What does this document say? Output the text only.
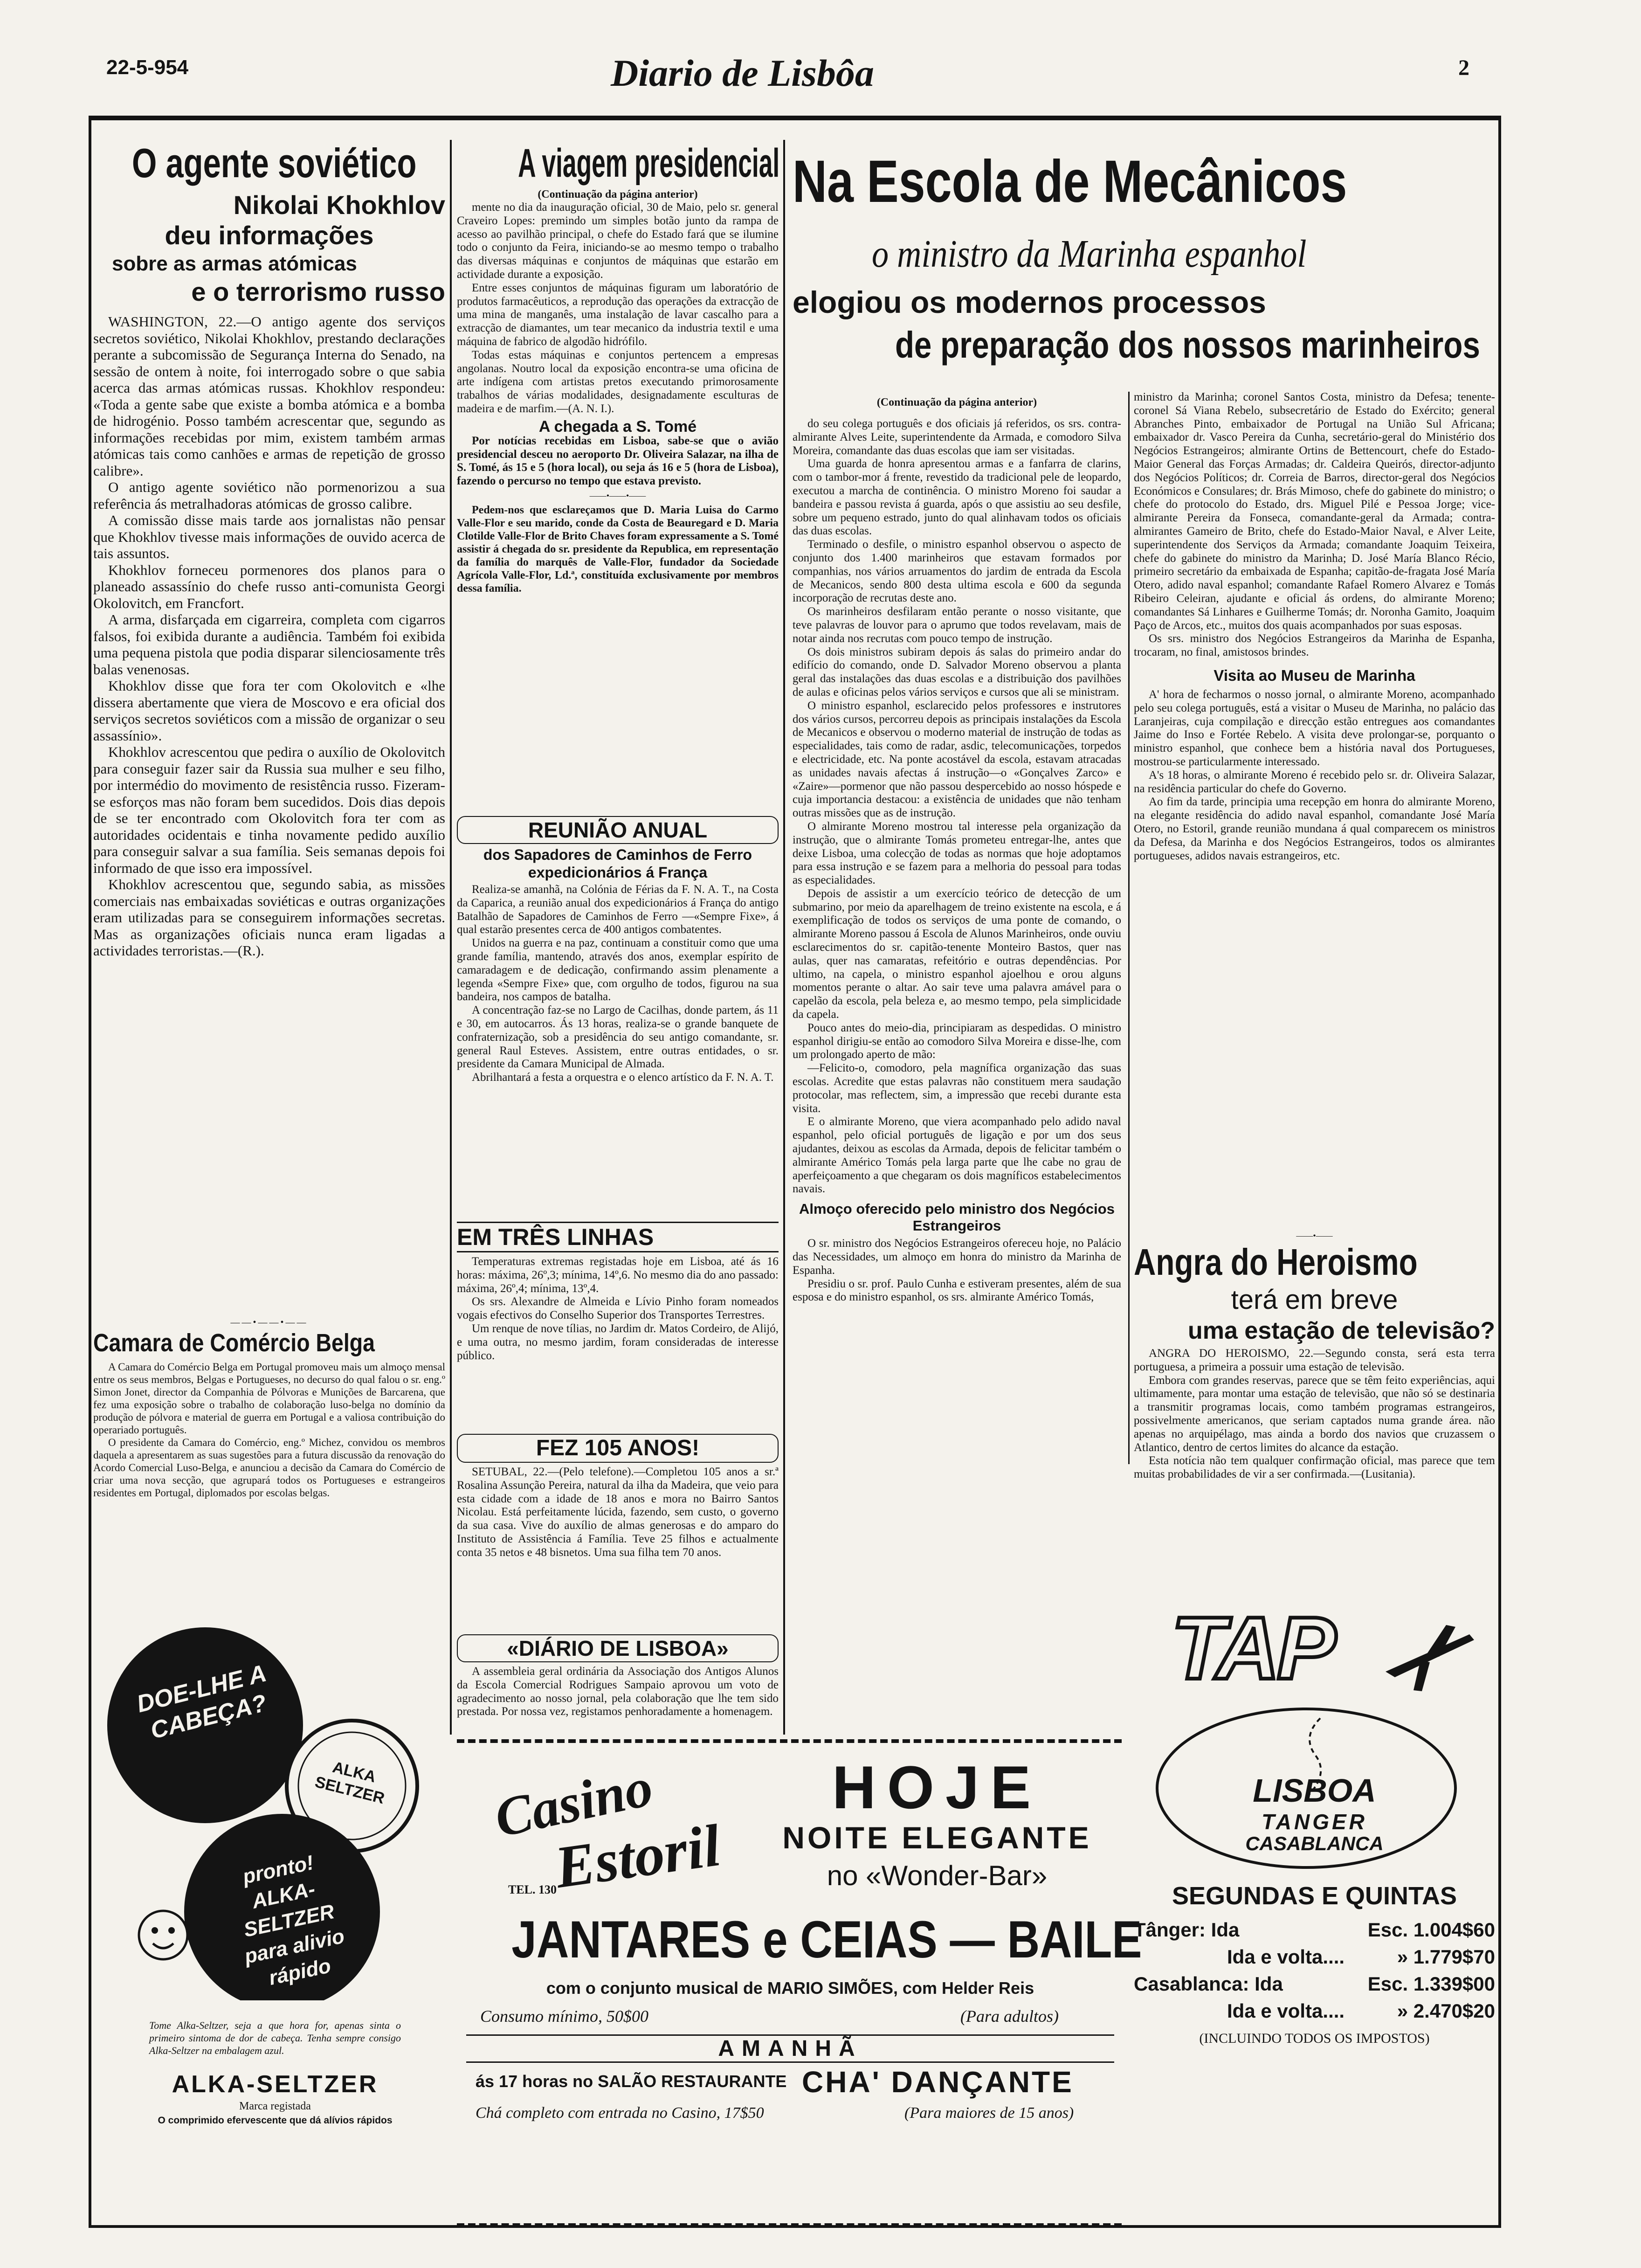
22-5-954	Diario de Lisbôa	2
O agente soviético
Nikolai Khokhlov
deu informações
sobre as armas atómicas
e o terrorismo russo

WASHINGTON, 22.—O antigo agente dos serviços secretos soviético, Nikolai Khokhlov, prestando declarações perante a subcomissão de Segurança Interna do Senado, na sessão de ontem à noite, foi interrogado sobre o que sabia acerca das armas atómicas russas. Khokhlov respondeu: «Toda a gente sabe que existe a bomba atómica e a bomba de hidrogénio. Posso também acrescentar que, segundo as informações recebidas por mim, existem também armas atómicas tais como canhões e armas de repetição de grosso calibre».

O antigo agente soviético não pormenorizou a sua referência ás metralhadoras atómicas de grosso calibre.

A comissão disse mais tarde aos jornalistas não pensar que Khokhlov tivesse mais informações de ouvido acerca de tais assuntos.

Khokhlov forneceu pormenores dos planos para o planeado assassínio do chefe russo anti-comunista Georgi Okolovitch, em Francfort.

A arma, disfarçada em cigarreira, completa com cigarros falsos, foi exibida durante a audiência. Também foi exibida uma pequena pistola que podia disparar silenciosamente três balas venenosas.

Khokhlov disse que fora ter com Okolovitch e «lhe dissera abertamente que viera de Moscovo e era oficial dos serviços secretos soviéticos com a missão de organizar o seu assassínio».

Khokhlov acrescentou que pedira o auxílio de Okolovitch para conseguir fazer sair da Russia sua mulher e seu filho, por intermédio do movimento de resistência russo. Fizeram-se esforços mas não foram bem sucedidos. Dois dias depois de se ter encontrado com Okolovitch fora ter com as autoridades ocidentais e tinha novamente pedido auxílio para conseguir salvar a sua família. Seis semanas depois foi informado de que isso era impossível.

Khokhlov acrescentou que, segundo sabia, as missões comerciais nas embaixadas soviéticas e outras organizações eram utilizadas para se conseguirem informações secretas. Mas as organizações oficiais nunca eram ligadas a actividades terroristas.—(R.).

——•——•——
Camara de Comércio Belga

A Camara do Comércio Belga em Portugal promoveu mais um almoço mensal entre os seus membros, Belgas e Portugueses, no decurso do qual falou o sr. eng.º Simon Jonet, director da Companhia de Pólvoras e Munições de Barcarena, que fez uma exposição sobre o trabalho de colaboração luso-belga no domínio da produção de pólvora e material de guerra em Portugal e a valiosa contribuição do operariado português.

O presidente da Camara do Comércio, eng.º Michez, convidou os membros daquela a apresentarem as suas sugestões para a futura discussão da renovação do Acordo Comercial Luso-Belga, e anunciou a decisão da Camara do Comércio de criar uma nova secção, que agrupará todos os Portugueses e estrangeiros residentes em Portugal, diplomados por escolas belgas.

DOE-LHE A CABEÇA?
ALKA SELTZER
pronto! ALKA-SELTZER para alivio rápido
Tome Alka-Seltzer, seja a que hora for, apenas sinta o primeiro sintoma de dor de cabeça. Tenha sempre consigo Alka-Seltzer na embalagem azul.
ALKA-SELTZER
Marca registada
O comprimido efervescente que dá alívios rápidos
A viagem presidencial
(Continuação da página anterior)

mente no dia da inauguração oficial, 30 de Maio, pelo sr. general Craveiro Lopes: premindo um simples botão junto da rampa de acesso ao pavilhão principal, o chefe do Estado fará que se ilumine todo o conjunto da Feira, iniciando-se ao mesmo tempo o trabalho das diversas máquinas e conjuntos de máquinas que estarão em actividade durante a exposição.

Entre esses conjuntos de máquinas figuram um laboratório de produtos farmacêuticos, a reprodução das operações da extracção de uma mina de manganês, uma instalação de lavar cascalho para a extracção de diamantes, um tear mecanico da industria textil e uma máquina de fabrico de algodão hidrófilo.

Todas estas máquinas e conjuntos pertencem a empresas angolanas. Noutro local da exposição encontra-se uma oficina de arte indígena com artistas pretos executando primorosamente trabalhos de várias modalidades, designadamente esculturas de madeira e de marfim.—(A. N. I.).

A chegada a S. Tomé
Por notícias recebidas em Lisboa, sabe-se que o avião presidencial desceu no aeroporto Dr. Oliveira Salazar, na ilha de S. Tomé, ás 15 e 5 (hora local), ou seja ás 16 e 5 (hora de Lisboa), fazendo o percurso no tempo que estava previsto.
——•——•——
Pedem-nos que esclareçamos que D. Maria Luisa do Carmo Valle-Flor e seu marido, conde da Costa de Beauregard e D. Maria Clotilde Valle-Flor de Brito Chaves foram expressamente a S. Tomé assistir á chegada do sr. presidente da Republica, em representação da família do marquês de Valle-Flor, fundador da Sociedade Agrícola Valle-Flor, Ld.ª, constituída exclusivamente por membros dessa família.
REUNIÃO ANUAL
dos Sapadores de Caminhos de Ferro expedicionários á França

Realiza-se amanhã, na Colónia de Férias da F. N. A. T., na Costa da Caparica, a reunião anual dos expedicionários á França do antigo Batalhão de Sapadores de Caminhos de Ferro —«Sempre Fixe», á qual estarão presentes cerca de 400 antigos combatentes.

Unidos na guerra e na paz, continuam a constituir como que uma grande família, mantendo, através dos anos, exemplar espírito de camaradagem e de dedicação, confirmando assim plenamente a legenda «Sempre Fixe» que, com orgulho de todos, figurou na sua bandeira, nos campos de batalha.

A concentração faz-se no Largo de Cacilhas, donde partem, ás 11 e 30, em autocarros. Ás 13 horas, realiza-se o grande banquete de confraternização, sob a presidência do seu antigo comandante, sr. general Raul Esteves. Assistem, entre outras entidades, o sr. presidente da Camara Municipal de Almada.

Abrilhantará a festa a orquestra e o elenco artístico da F. N. A. T.

EM TRÊS LINHAS

Temperaturas extremas registadas hoje em Lisboa, até ás 16 horas: máxima, 26º,3; mínima, 14º,6. No mesmo dia do ano passado: máxima, 26º,4; mínima, 13º,4.

Os srs. Alexandre de Almeida e Lívio Pinho foram nomeados vogais efectivos do Conselho Superior dos Transportes Terrestres.

Um renque de nove tílias, no Jardim dr. Matos Cordeiro, de Alijó, e uma outra, no mesmo jardim, foram consideradas de interesse público.

FEZ 105 ANOS!
SETUBAL, 22.—(Pelo telefone).—Completou 105 anos a sr.ª Rosalina Assunção Pereira, natural da ilha da Madeira, que veio para esta cidade com a idade de 18 anos e mora no Bairro Santos Nicolau. Está perfeitamente lúcida, fazendo, sem custo, o governo da sua casa. Vive do auxílio de almas generosas e do amparo do Instituto de Assistência á Família. Teve 25 filhos e actualmente conta 35 netos e 48 bisnetos. Uma sua filha tem 70 anos.
«DIÁRIO DE LISBOA»
A assembleia geral ordinária da Associação dos Antigos Alunos da Escola Comercial Rodrigues Sampaio aprovou um voto de agradecimento ao nosso jornal, pela colaboração que lhe tem sido prestada. Por nossa vez, registamos penhoradamente a homenagem.
Na Escola de Mecânicos
o ministro da Marinha espanhol
elogiou os modernos processos
de preparação dos nossos marinheiros
(Continuação da página anterior)

do seu colega português e dos oficiais já referidos, os srs. contra-almirante Alves Leite, superintendente da Armada, e comodoro Silva Moreira, comandante das duas escolas que iam ser visitadas.

Uma guarda de honra apresentou armas e a fanfarra de clarins, com o tambor-mor á frente, revestido da tradicional pele de leopardo, executou a marcha de continência. O ministro Moreno foi saudar a bandeira e passou revista á guarda, após o que assistiu ao seu desfile, sobre um pequeno estrado, junto do qual alinhavam todos os oficiais das duas escolas.

Terminado o desfile, o ministro espanhol observou o aspecto de conjunto dos 1.400 marinheiros que estavam formados por companhias, nos vários arruamentos do jardim de entrada da Escola de Mecanicos, sendo 800 desta ultima escola e 600 da segunda incorporação de recrutas deste ano.

Os marinheiros desfilaram então perante o nosso visitante, que teve palavras de louvor para o aprumo que todos revelavam, mais de notar ainda nos recrutas com pouco tempo de instrução.

Os dois ministros subiram depois ás salas do primeiro andar do edifício do comando, onde D. Salvador Moreno observou a planta geral das instalações das duas escolas e a distribuição dos pavilhões de aulas e oficinas pelos vários serviços e cursos que ali se ministram.

O ministro espanhol, esclarecido pelos professores e instrutores dos vários cursos, percorreu depois as principais instalações da Escola de Mecanicos e observou o moderno material de instrução de todas as especialidades, tais como de radar, asdic, telecomunicações, torpedos e electricidade, etc. Na ponte acostável da escola, estavam atracadas as unidades navais afectas á instrução—o «Gonçalves Zarco» e «Zaire»—pormenor que não passou despercebido ao nosso hóspede e cuja importancia destacou: a existência de unidades que não tenham outras missões que as de instrução.

O almirante Moreno mostrou tal interesse pela organização da instrução, que o almirante Tomás prometeu entregar-lhe, antes que deixe Lisboa, uma colecção de todas as normas que hoje adoptamos para essa instrução e se fazem para a melhoria do pessoal para todas as especialidades.

Depois de assistir a um exercício teórico de detecção de um submarino, por meio da aparelhagem de treino existente na escola, e á exemplificação de todos os serviços de uma ponte de comando, o almirante Moreno passou á Escola de Alunos Marinheiros, onde ouviu esclarecimentos do sr. capitão-tenente Monteiro Bastos, quer nas aulas, quer nas camaratas, refeitório e outras dependências. Por ultimo, na capela, o ministro espanhol ajoelhou e orou alguns momentos perante o altar. Ao sair teve uma palavra amável para o capelão da escola, pela beleza e, ao mesmo tempo, pela simplicidade da capela.

Pouco antes do meio-dia, principiaram as despedidas. O ministro espanhol dirigiu-se então ao comodoro Silva Moreira e disse-lhe, com um prolongado aperto de mão:

—Felicito-o, comodoro, pela magnífica organização das suas escolas. Acredite que estas palavras não constituem mera saudação protocolar, mas reflectem, sim, a impressão que recebi durante esta visita.

E o almirante Moreno, que viera acompanhado pelo adido naval espanhol, pelo oficial português de ligação e por um dos seus ajudantes, deixou as escolas da Armada, depois de felicitar também o almirante Américo Tomás pela larga parte que lhe cabe no grau de aperfeiçoamento a que chegaram os dois magníficos estabelecimentos navais.

Almoço oferecido pelo ministro dos Negócios Estrangeiros

O sr. ministro dos Negócios Estrangeiros ofereceu hoje, no Palácio das Necessidades, um almoço em honra do ministro da Marinha de Espanha.

Presidiu o sr. prof. Paulo Cunha e estiveram presentes, além de sua esposa e do ministro espanhol, os srs. almirante Américo Tomás,

ministro da Marinha; coronel Santos Costa, ministro da Defesa; tenente-coronel Sá Viana Rebelo, subsecretário de Estado do Exército; general Abranches Pinto, embaixador de Portugal na União Sul Africana; embaixador dr. Vasco Pereira da Cunha, secretário-geral do Ministério dos Negócios Estrangeiros; almirante Ortins de Bettencourt, chefe do Estado-Maior General das Forças Armadas; dr. Caldeira Queirós, director-adjunto dos Negócios Políticos; dr. Correia de Barros, director-geral dos Negócios Económicos e Consulares; dr. Brás Mimoso, chefe do gabinete do ministro; o chefe do protocolo do Estado, drs. Miguel Pilé e Pessoa Jorge; vice-almirante Pereira da Fonseca, comandante-geral da Armada; contra-almirantes Gameiro de Brito, chefe do Estado-Maior Naval, e Alver Leite, superintendente dos Serviços da Armada; comandante Joaquim Teixeira, chefe do gabinete do ministro da Marinha; D. José María Blanco Récio, primeiro secretário da embaixada de Espanha; capitão-de-fragata José María Otero, adido naval espanhol; comandante Rafael Romero Alvarez e Tomás Ribeiro Celeiran, ajudante e oficial ás ordens, do almirante Moreno; comandantes Sá Linhares e Guilherme Tomás; dr. Noronha Gamito, Joaquim Paço de Arcos, etc., muitos dos quais acompanhados por suas esposas.

Os srs. ministro dos Negócios Estrangeiros da Marinha de Espanha, trocaram, no final, amistosos brindes.

Visita ao Museu de Marinha

A' hora de fecharmos o nosso jornal, o almirante Moreno, acompanhado pelo seu colega português, está a visitar o Museu de Marinha, no palácio das Laranjeiras, cuja compilação e direcção estão entregues aos comandantes Jaime do Inso e Fortée Rebelo. A visita deve prolongar-se, porquanto o ministro espanhol, que conhece bem a história naval dos Portugueses, mostrou-se particularmente interessado.

A's 18 horas, o almirante Moreno é recebido pelo sr. dr. Oliveira Salazar, na residência particular do chefe do Governo.

Ao fim da tarde, principia uma recepção em honra do almirante Moreno, na elegante residência do adido naval espanhol, comandante José María Otero, no Estoril, grande reunião mundana á qual comparecem os ministros da Defesa, da Marinha e dos Negócios Estrangeiros, todos os almirantes portugueses, adidos navais estrangeiros, etc.

——•——
Angra do Heroismo
terá em breve
uma estação de televisão?

ANGRA DO HEROISMO, 22.—Segundo consta, será esta terra portuguesa, a primeira a possuir uma estação de televisão.

Embora com grandes reservas, parece que se têm feito experiências, aqui ultimamente, para montar uma estação de televisão, que não só se destinaria a transmitir programas locais, como também programas estrangeiros, possivelmente americanos, que seriam captados numa grande área. não apenas no arquipélago, mas ainda a bordo dos navios que cruzassem o Atlantico, dentro de certos limites do alcance da estação.

Esta notícia não tem qualquer confirmação oficial, mas parece que tem muitas probabilidades de vir a ser confirmada.—(Lusitania).

TAP
LISBOA
TANGER
CASABLANCA
SEGUNDAS E QUINTAS
Tânger: Ida	Esc. 1.004$60
Ida e volta....	» 1.779$70
Casablanca: Ida	Esc. 1.339$00
Ida e volta....	» 2.470$20
(INCLUINDO TODOS OS IMPOSTOS)
Casino
Estoril
TEL. 130
HOJE
NOITE ELEGANTE
no «Wonder-Bar»
JANTARES e CEIAS — BAILE
com o conjunto musical de MARIO SIMÕES, com Helder Reis
Consumo mínimo, 50$00	(Para adultos)
AMANHÃ
ás 17 horas no SALÃO RESTAURANTE CHA' DANÇANTE
Chá completo com entrada no Casino, 17$50	(Para maiores de 15 anos)
